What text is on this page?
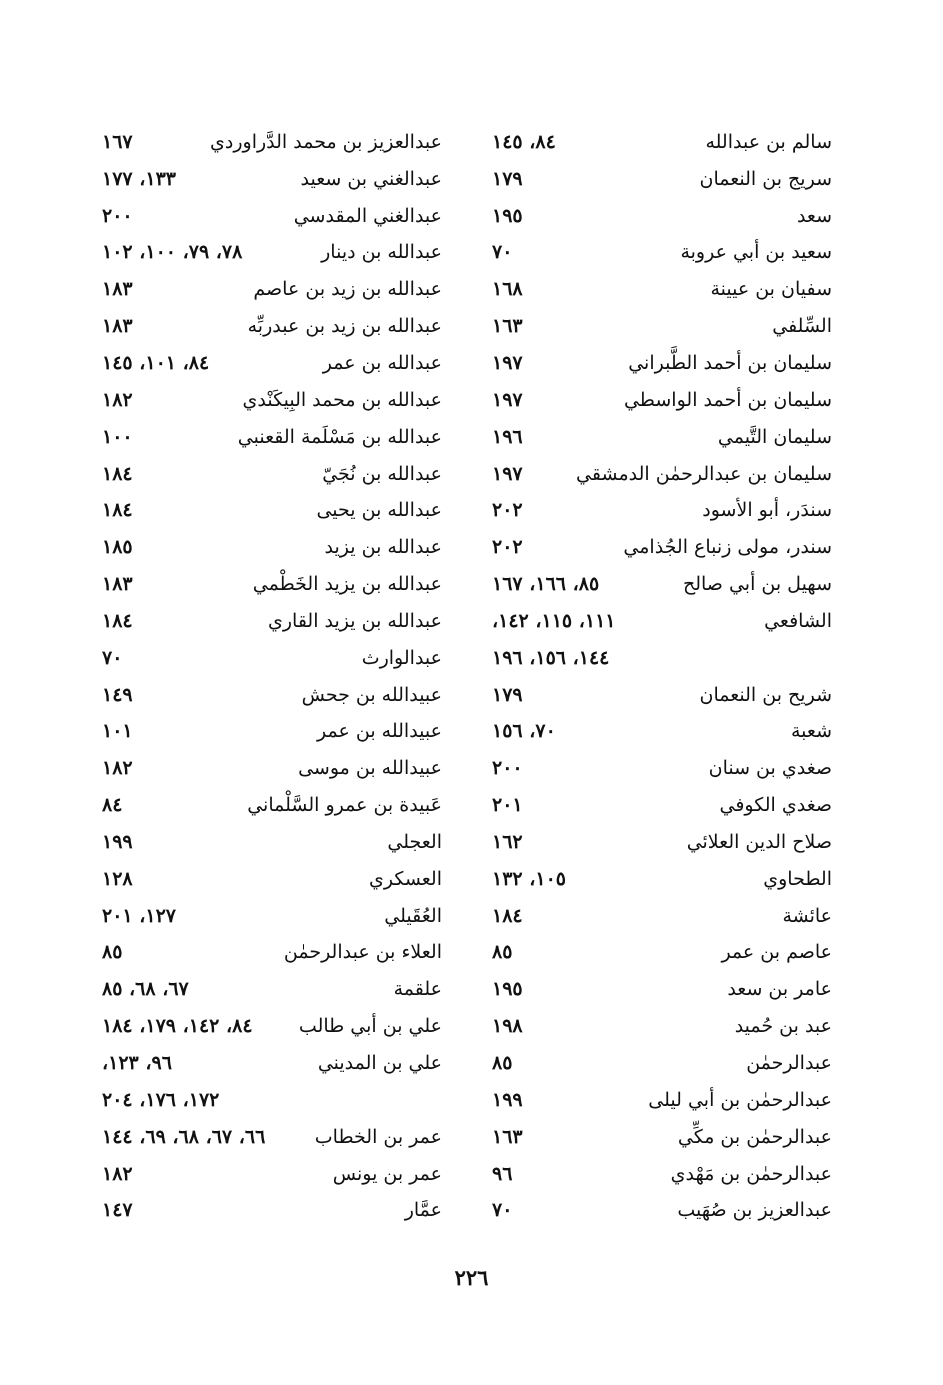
سالم بن عبدالله
٨٤، ١٤٥
سريج بن النعمان
١٧٩
سعد
١٩٥
سعيد بن أبي عروبة
٧٠
سفيان بن عيينة
١٦٨
السِّلفي
١٦٣
سليمان بن أحمد الطَّبراني
١٩٧
سليمان بن أحمد الواسطي
١٩٧
سليمان التَّيمي
١٩٦
سليمان بن عبدالرحمٰن الدمشقي
١٩٧
سندَر، أبو الأسود
٢٠٢
سندر، مولى زنباع الجُذامي
٢٠٢
سهيل بن أبي صالح
٨٥، ١٦٦، ١٦٧
الشافعي
١١١، ١١٥، ١٤٢،
١٤٤، ١٥٦، ١٩٦
شريح بن النعمان
١٧٩
شعبة
٧٠، ١٥٦
صغدي بن سنان
٢٠٠
صغدي الكوفي
٢٠١
صلاح الدين العلائي
١٦٢
الطحاوي
١٠٥، ١٣٢
عائشة
١٨٤
عاصم بن عمر
٨٥
عامر بن سعد
١٩٥
عبد بن حُميد
١٩٨
عبدالرحمٰن
٨٥
عبدالرحمٰن بن أبي ليلى
١٩٩
عبدالرحمٰن بن مكِّي
١٦٣
عبدالرحمٰن بن مَهْدي
٩٦
عبدالعزيز بن صُهَيب
٧٠
عبدالعزيز بن محمد الدَّراوردي
١٦٧
عبدالغني بن سعيد
١٣٣، ١٧٧
عبدالغني المقدسي
٢٠٠
عبدالله بن دينار
٧٨، ٧٩، ١٠٠، ١٠٢
عبدالله بن زيد بن عاصم
١٨٣
عبدالله بن زيد بن عبدربِّه
١٨٣
عبدالله بن عمر
٨٤، ١٠١، ١٤٥
عبدالله بن محمد البِيكَنْدي
١٨٢
عبدالله بن مَسْلَمة القعنبي
١٠٠
عبدالله بن نُجَيّ
١٨٤
عبدالله بن يحيى
١٨٤
عبدالله بن يزيد
١٨٥
عبدالله بن يزيد الخَطْمي
١٨٣
عبدالله بن يزيد القاري
١٨٤
عبدالوارث
٧٠
عبيدالله بن جحش
١٤٩
عبيدالله بن عمر
١٠١
عبيدالله بن موسى
١٨٢
عَبيدة بن عمرو السَّلْماني
٨٤
العجلي
١٩٩
العسكري
١٢٨
العُقَيلي
١٢٧، ٢٠١
العلاء بن عبدالرحمٰن
٨٥
علقمة
٦٧، ٦٨، ٨٥
علي بن أبي طالب
٨٤، ١٤٢، ١٧٩، ١٨٤
علي بن المديني
٩٦، ١٢٣،
١٧٢، ١٧٦، ٢٠٤
عمر بن الخطاب
٦٦، ٦٧، ٦٨، ٦٩، ١٤٤
عمر بن يونس
١٨٢
عمَّار
١٤٧
٢٢٦
